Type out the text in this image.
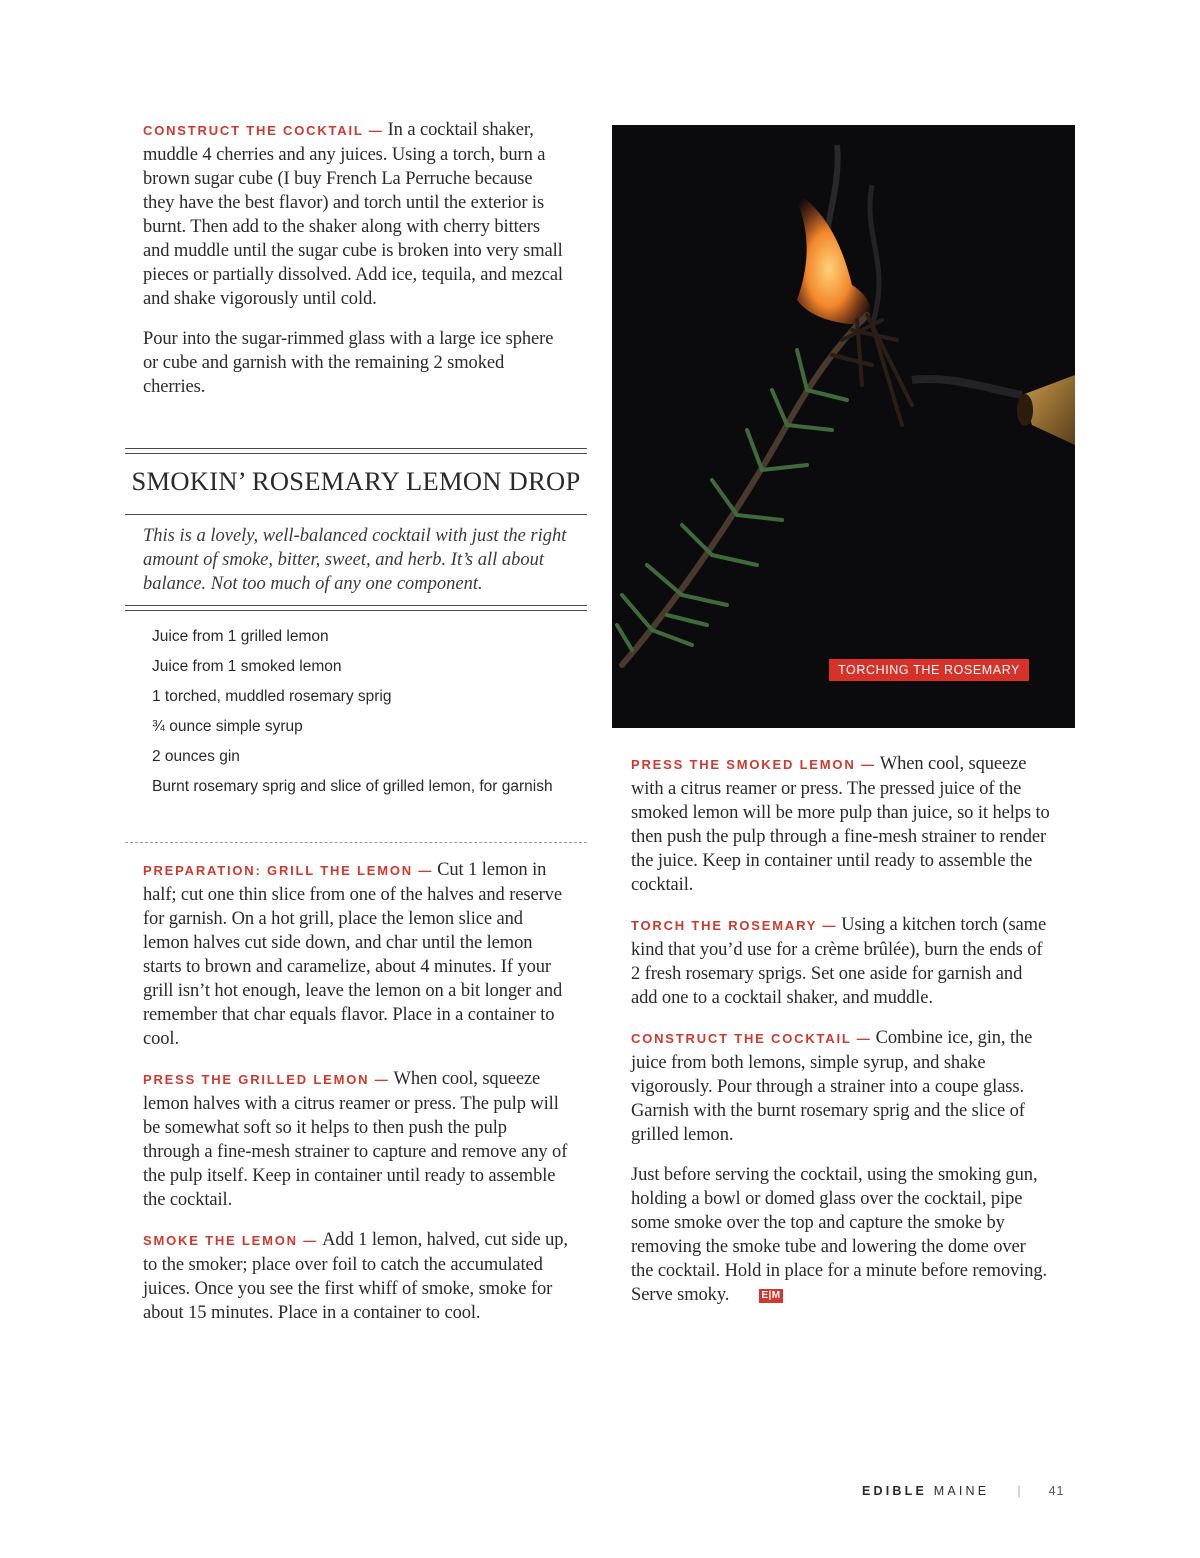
CONSTRUCT THE COCKTAIL — In a cocktail shaker, muddle 4 cherries and any juices. Using a torch, burn a brown sugar cube (I buy French La Perruche because they have the best flavor) and torch until the exterior is burnt. Then add to the shaker along with cherry bitters and muddle until the sugar cube is broken into very small pieces or partially dissolved. Add ice, tequila, and mezcal and shake vigorously until cold.

Pour into the sugar-rimmed glass with a large ice sphere or cube and garnish with the remaining 2 smoked cherries.

SMOKIN’ ROSEMARY LEMON DROP
This is a lovely, well-balanced cocktail with just the right amount of smoke, bitter, sweet, and herb. It’s all about balance. Not too much of any one component.
Juice from 1 grilled lemon
Juice from 1 smoked lemon
1 torched, muddled rosemary sprig
¾ ounce simple syrup
2 ounces gin
Burnt rosemary sprig and slice of grilled lemon, for garnish

PREPARATION: GRILL THE LEMON — Cut 1 lemon in half; cut one thin slice from one of the halves and reserve for garnish. On a hot grill, place the lemon slice and lemon halves cut side down, and char until the lemon starts to brown and caramelize, about 4 minutes. If your grill isn’t hot enough, leave the lemon on a bit longer and remember that char equals flavor. Place in a container to cool.

PRESS THE GRILLED LEMON — When cool, squeeze lemon halves with a citrus reamer or press. The pulp will be somewhat soft so it helps to then push the pulp through a fine-mesh strainer to capture and remove any of the pulp itself. Keep in container until ready to assemble the cocktail.

SMOKE THE LEMON — Add 1 lemon, halved, cut side up, to the smoker; place over foil to catch the accumulated juices. Once you see the first whiff of smoke, smoke for about 15 minutes. Place in a container to cool.

TORCHING THE ROSEMARY

PRESS THE SMOKED LEMON — When cool, squeeze with a citrus reamer or press. The pressed juice of the smoked lemon will be more pulp than juice, so it helps to then push the pulp through a fine-mesh strainer to render the juice. Keep in container until ready to assemble the cocktail.

TORCH THE ROSEMARY — Using a kitchen torch (same kind that you’d use for a crème brûlée), burn the ends of 2 fresh rosemary sprigs. Set one aside for garnish and add one to a cocktail shaker, and muddle.

CONSTRUCT THE COCKTAIL — Combine ice, gin, the juice from both lemons, simple syrup, and shake vigorously. Pour through a strainer into a coupe glass. Garnish with the burnt rosemary sprig and the slice of grilled lemon.

Just before serving the cocktail, using the smoking gun, holding a bowl or domed glass over the cocktail, pipe some smoke over the top and capture the smoke by removing the smoke tube and lowering the dome over the cocktail. Hold in place for a minute before removing. Serve smoky.	E|M

EDIBLE MAINE | 41
